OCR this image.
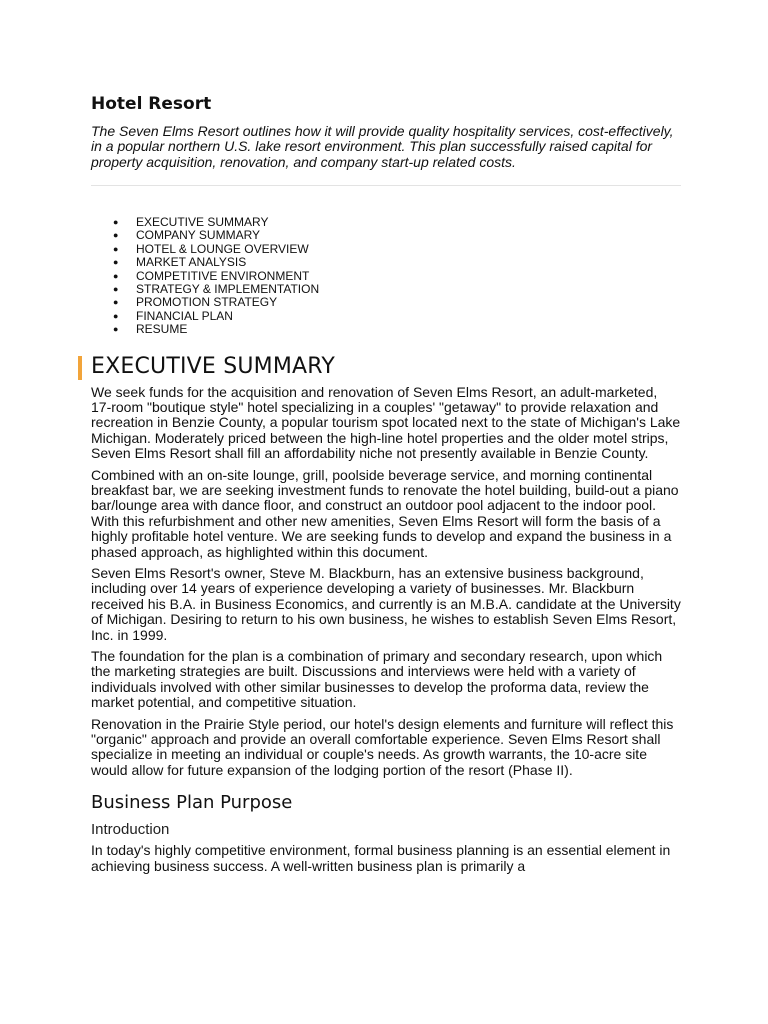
Hotel Resort

The Seven Elms Resort outlines how it will provide quality hospitality services, cost-effectively, in a popular northern U.S. lake resort environment. This plan successfully raised capital for property acquisition, renovation, and company start-up related costs.

● EXECUTIVE SUMMARY
● COMPANY SUMMARY
● HOTEL & LOUNGE OVERVIEW
● MARKET ANALYSIS
● COMPETITIVE ENVIRONMENT
● STRATEGY & IMPLEMENTATION
● PROMOTION STRATEGY
● FINANCIAL PLAN
● RESUME
EXECUTIVE SUMMARY

We seek funds for the acquisition and renovation of Seven Elms Resort, an adult-marketed, 17-room "boutique style" hotel specializing in a couples' "getaway" to provide relaxation and recreation in Benzie County, a popular tourism spot located next to the state of Michigan's Lake Michigan. Moderately priced between the high-line hotel properties and the older motel strips, Seven Elms Resort shall fill an affordability niche not presently available in Benzie County.

Combined with an on-site lounge, grill, poolside beverage service, and morning continental breakfast bar, we are seeking investment funds to renovate the hotel building, build-out a piano bar/lounge area with dance floor, and construct an outdoor pool adjacent to the indoor pool. With this refurbishment and other new amenities, Seven Elms Resort will form the basis of a highly profitable hotel venture. We are seeking funds to develop and expand the business in a phased approach, as highlighted within this document.

Seven Elms Resort's owner, Steve M. Blackburn, has an extensive business background, including over 14 years of experience developing a variety of businesses. Mr. Blackburn received his B.A. in Business Economics, and currently is an M.B.A. candidate at the University of Michigan. Desiring to return to his own business, he wishes to establish Seven Elms Resort, Inc. in 1999.

The foundation for the plan is a combination of primary and secondary research, upon which the marketing strategies are built. Discussions and interviews were held with a variety of individuals involved with other similar businesses to develop the proforma data, review the market potential, and competitive situation.

Renovation in the Prairie Style period, our hotel's design elements and furniture will reflect this "organic" approach and provide an overall comfortable experience. Seven Elms Resort shall specialize in meeting an individual or couple's needs. As growth warrants, the 10-acre site would allow for future expansion of the lodging portion of the resort (Phase II).

Business Plan Purpose
Introduction

In today's highly competitive environment, formal business planning is an essential element in achieving business success. A well-written business plan is primarily a
